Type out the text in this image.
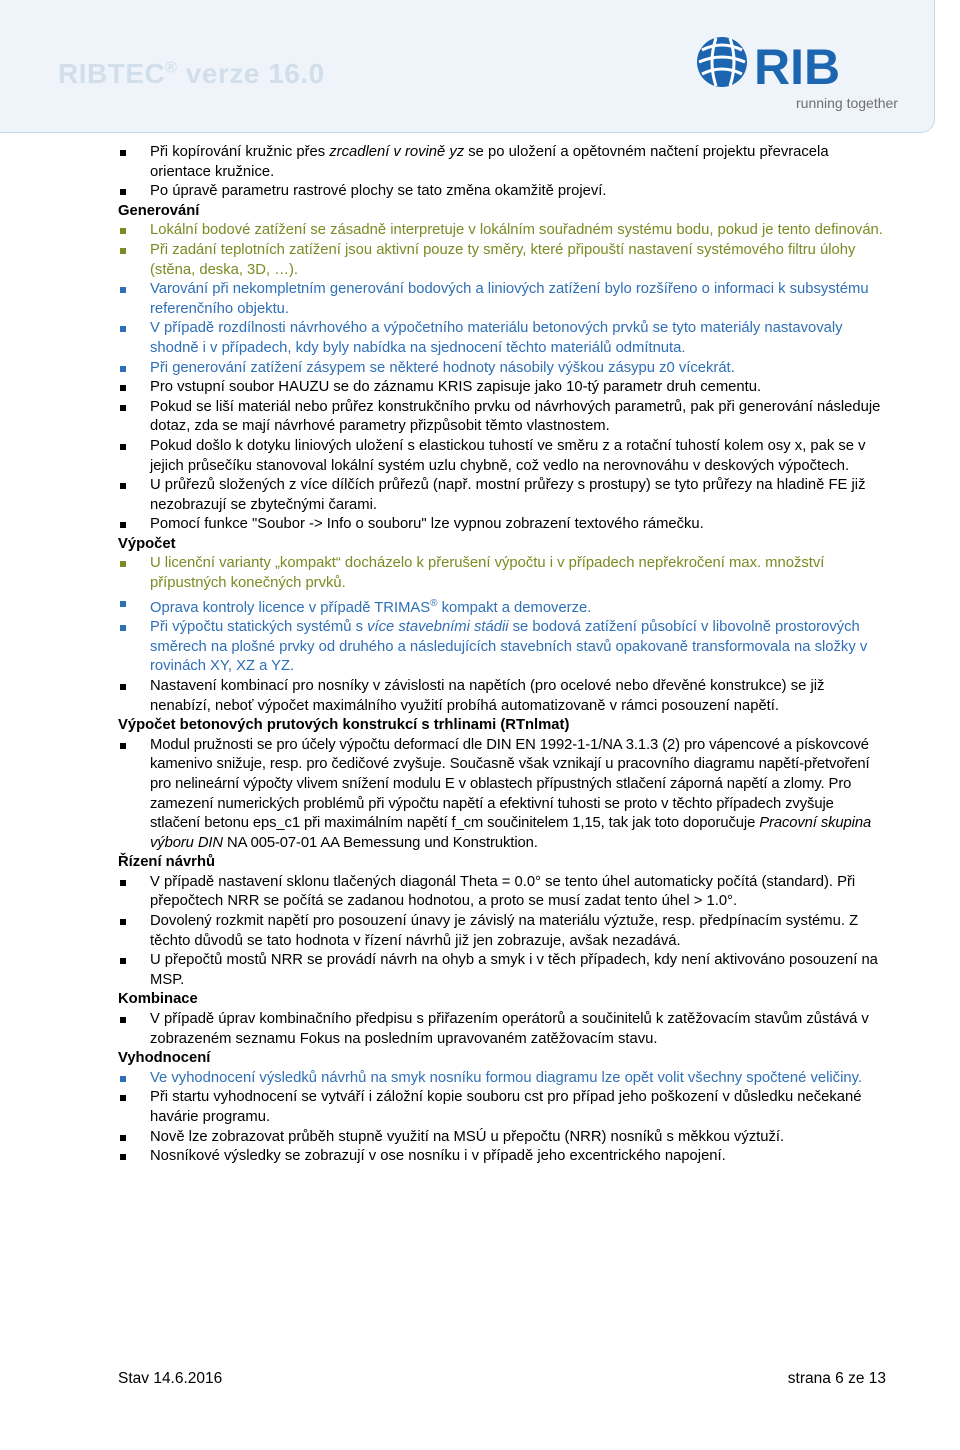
RIBTEC® verze 16.0	RIB
running together
Při kopírování kružnic přes zrcadlení v rovině yz se po uložení a opětovném načtení projektu převracela orientace kružnice.
Po úpravě parametru rastrové plochy se tato změna okamžitě projeví.
Generování
Lokální bodové zatížení se zásadně interpretuje v lokálním souřadném systému bodu, pokud je tento definován.
Při zadání teplotních zatížení jsou aktivní pouze ty směry, které připouští nastavení systémového filtru úlohy (stěna, deska, 3D, …).
Varování při nekompletním generování bodových a liniových zatížení bylo rozšířeno o informaci k subsystému referenčního objektu.
V případě rozdílnosti návrhového a výpočetního materiálu betonových prvků se tyto materiály nastavovaly shodně i v případech, kdy byly nabídka na sjednocení těchto materiálů odmítnuta.
Při generování zatížení zásypem se některé hodnoty násobily výškou zásypu z0 vícekrát.
Pro vstupní soubor HAUZU se do záznamu KRIS zapisuje jako 10-tý parametr druh cementu.
Pokud se liší materiál nebo průřez konstrukčního prvku od návrhových parametrů, pak při generování následuje dotaz, zda se mají návrhové parametry přizpůsobit těmto vlastnostem.
Pokud došlo k dotyku liniových uložení s elastickou tuhostí ve směru z a rotační tuhostí kolem osy x, pak se v jejich průsečíku stanovoval lokální systém uzlu chybně, což vedlo na nerovnováhu v deskových výpočtech.
U průřezů složených z více dílčích průřezů (např. mostní průřezy s prostupy) se tyto průřezy na hladině FE již nezobrazují se zbytečnými čarami.
Pomocí funkce "Soubor -> Info o souboru" lze vypnou zobrazení textového rámečku.
Výpočet
U licenční varianty „kompakt“ docházelo k přerušení výpočtu i v případech nepřekročení max. množství přípustných konečných prvků.
Oprava kontroly licence v případě TRIMAS® kompakt a demoverze.
Při výpočtu statických systémů s více stavebními stádii se bodová zatížení působící v libovolně prostorových směrech na plošné prvky od druhého a následujících stavebních stavů opakovaně transformovala na složky v rovinách XY, XZ a YZ.
Nastavení kombinací pro nosníky v závislosti na napětích (pro ocelové nebo dřevěné konstrukce) se již nenabízí, neboť výpočet maximálního využití probíhá automatizovaně v rámci posouzení napětí.
Výpočet betonových prutových konstrukcí s trhlinami (RTnlmat)
Modul pružnosti se pro účely výpočtu deformací dle DIN EN 1992-1-1/NA 3.1.3 (2) pro vápencové a pískovcové kamenivo snižuje, resp. pro čedičové zvyšuje. Současně však vznikají u pracovního diagramu napětí-přetvoření pro nelineární výpočty vlivem snížení modulu E v oblastech přípustných stlačení záporná napětí a zlomy. Pro zamezení numerických problémů při výpočtu napětí a efektivní tuhosti se proto v těchto případech zvyšuje stlačení betonu eps_c1 při maximálním napětí f_cm součinitelem 1,15, tak jak toto doporučuje Pracovní skupina výboru DIN NA 005-07-01 AA Bemessung und Konstruktion.
Řízení návrhů
V případě nastavení sklonu tlačených diagonál Theta = 0.0° se tento úhel automaticky počítá (standard). Při přepočtech NRR se počítá se zadanou hodnotou, a proto se musí zadat tento úhel > 1.0°.
Dovolený rozkmit napětí pro posouzení únavy je závislý na materiálu výztuže, resp. předpínacím systému. Z těchto důvodů se tato hodnota v řízení návrhů již jen zobrazuje, avšak nezadává.
U přepočtů mostů NRR se provádí návrh na ohyb a smyk i v těch případech, kdy není aktivováno posouzení na MSP.
Kombinace
V případě úprav kombinačního předpisu s přiřazením operátorů a součinitelů k zatěžovacím stavům zůstává v zobrazeném seznamu Fokus na posledním upravovaném zatěžovacím stavu.
Vyhodnocení
Ve vyhodnocení výsledků návrhů na smyk nosníku formou diagramu lze opět volit všechny spočtené veličiny.
Při startu vyhodnocení se vytváří i záložní kopie souboru cst pro případ jeho poškození v důsledku nečekané havárie programu.
Nově lze zobrazovat průběh stupně využití na MSÚ u přepočtu (NRR) nosníků s měkkou výztuží.
Nosníkové výsledky se zobrazují v ose nosníku i v případě jeho excentrického napojení.
Stav 14.6.2016	strana 6 ze 13
